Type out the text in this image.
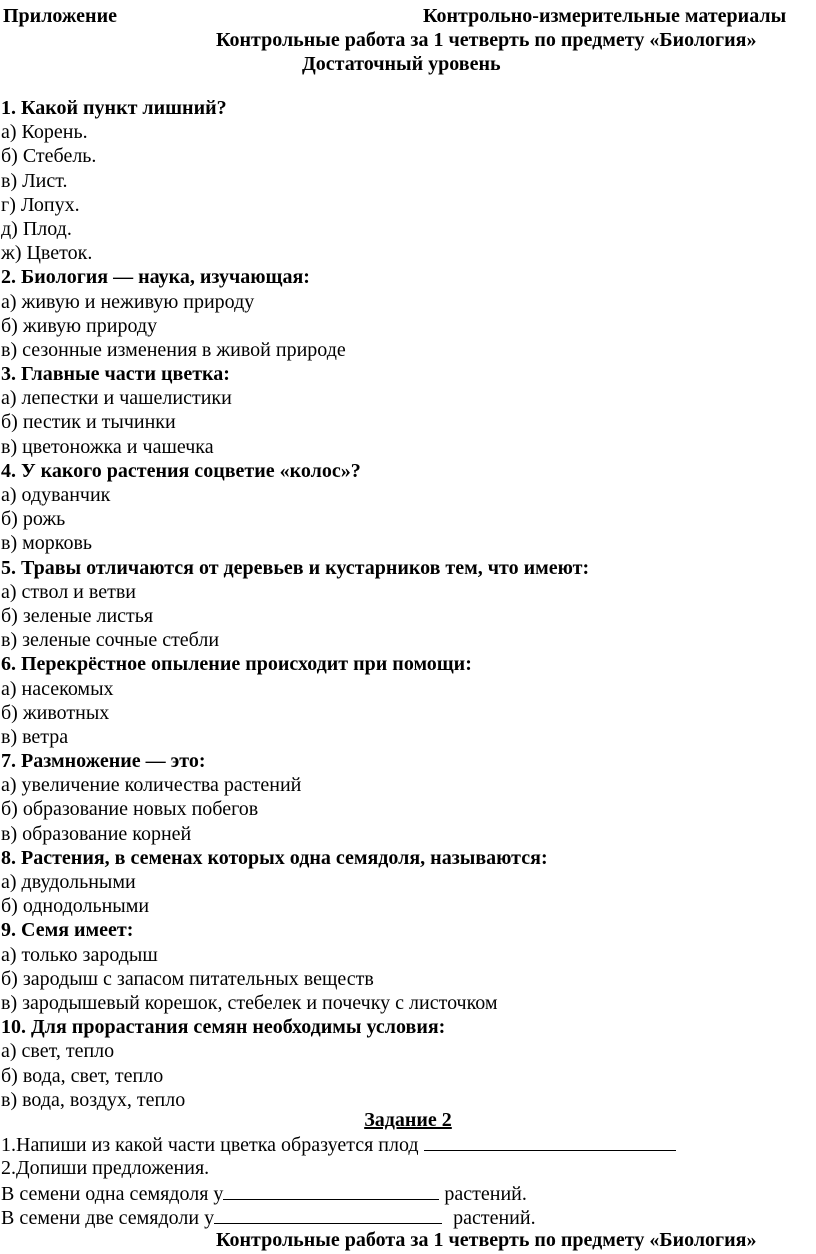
Приложение	Контрольно-измерительные материалы
Контрольные работа за 1 четверть по предмету «Биология»
Достаточный уровень
1. Какой пункт лишний?
а) Корень.
б) Стебель.
в) Лист.
г) Лопух.
д) Плод.
ж) Цветок.
2. Биология — наука, изучающая:
а) живую и неживую природу
б) живую природу
в) сезонные изменения в живой природе
3. Главные части цветка:
а) лепестки и чашелистики
б) пестик и тычинки
в) цветоножка и чашечка
4. У какого растения соцветие «колос»?
а) одуванчик
б) рожь
в) морковь
5. Травы отличаются от деревьев и кустарников тем, что имеют:
а) ствол и ветви
б) зеленые листья
в) зеленые сочные стебли
6. Перекрёстное опыление происходит при помощи:
а) насекомых
б) животных
в) ветра
7. Размножение — это:
а) увеличение количества растений
б) образование новых побегов
в) образование корней
8. Растения, в семенах которых одна семядоля, называются:
а) двудольными
б) однодольными
9. Семя имеет:
а) только зародыш
б) зародыш с запасом питательных веществ
в) зародышевый корешок, стебелек и почечку с листочком
10. Для прорастания семян необходимы условия:
а) свет, тепло
б) вода, свет, тепло
в) вода, воздух, тепло
Задание 2
1.Напиши из какой части цветка образуется плод
2.Допиши предложения.
В семени одна семядоля у	растений.
В семени две семядоли у	растений.
Контрольные работа за 1 четверть по предмету «Биология»
